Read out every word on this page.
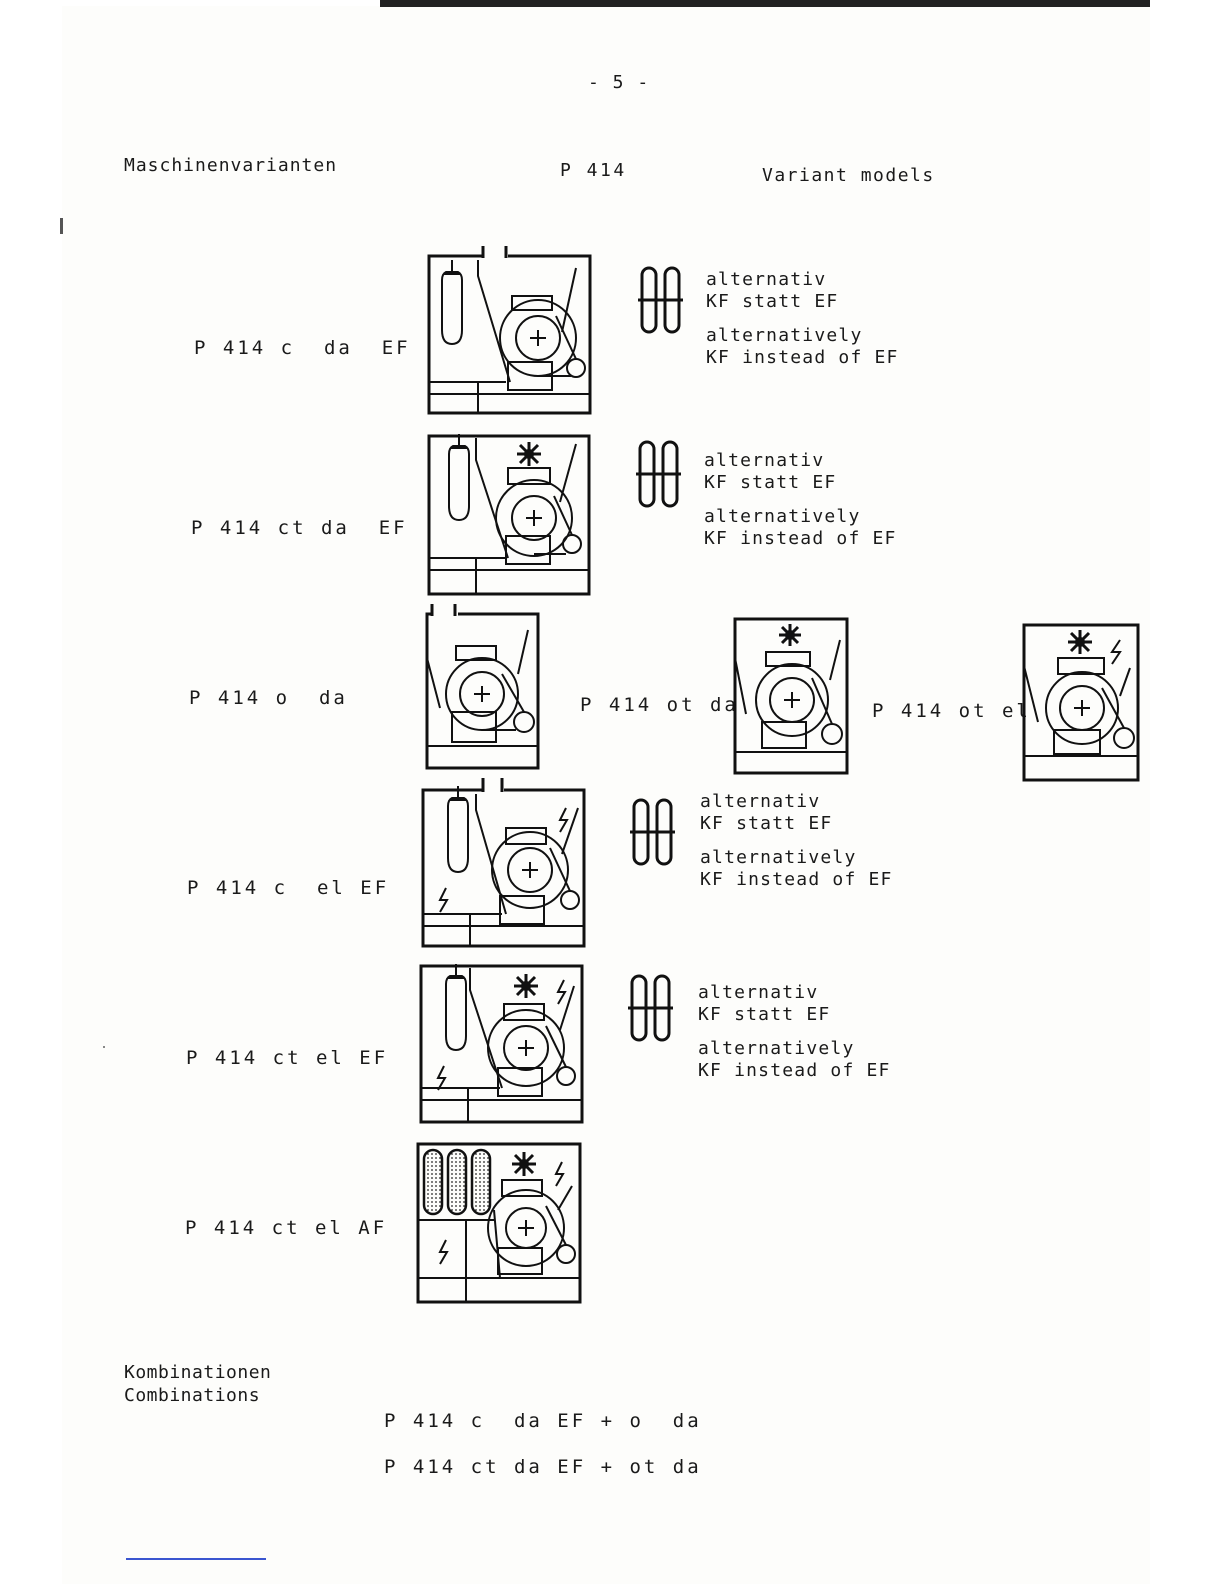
- 5 -
Maschinenvarianten	P 414	Variant models
P 414 c  da  EF
P 414 ct da  EF
P 414 o  da	P 414 ot da	P 414 ot el
P 414 c  el EF
P 414 ct el EF
P 414 ct el AF
alternativ
KF statt EF
alternatively
KF instead of EF
alternativ
KF statt EF
alternatively
KF instead of EF
alternativ
KF statt EF
alternatively
KF instead of EF
alternativ
KF statt EF
alternatively
KF instead of EF
Kombinationen
Combinations
P 414 c  da EF + o  da
P 414 ct da EF + ot da
